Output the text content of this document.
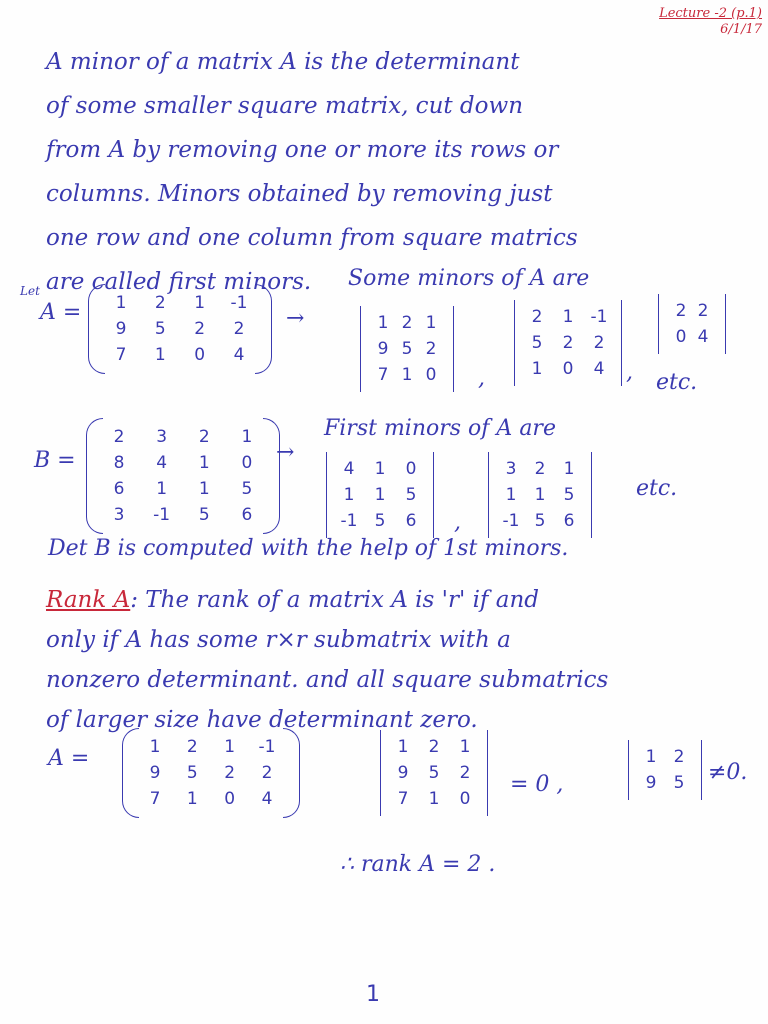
Lecture -2 (p.1)
6/1/17
A minor of a matrix A is the determinant
of some smaller square matrix, cut down
from A by removing one or more its rows or
columns. Minors obtained by removing just
one row and one column from square matrics
are called first minors.
Let
A =	1	2	1	-1
9	5	2	2
7	1	0	4
→
Some minors of A are
1 2 1
9 5 2
7 1 0 ,
2	1	-1
5	2	2
1	0	4 ,
2 2
0 4
etc.
B =
2	3	2	1
8	4	1	0
6	1	1	5
3	-1	5	6
→
First minors of A are
4	1	0
1	1	5
-1	5	6 ,
3	2	1
1	1	5
-1 5	6
etc.
Det B is computed with the help of 1st minors.
Rank A: The rank of a matrix A is 'r' if and
only if A has some r×r submatrix with a
nonzero determinant. and all square submatrics
of larger size have determinant zero.
A =	1	2	1	-1
9	5	2	2
7	1	0	4
1	2	1
9	5	2
7	1	0
= 0 ,
1	2
9	5 ≠0.
∴ rank A = 2 .
1
